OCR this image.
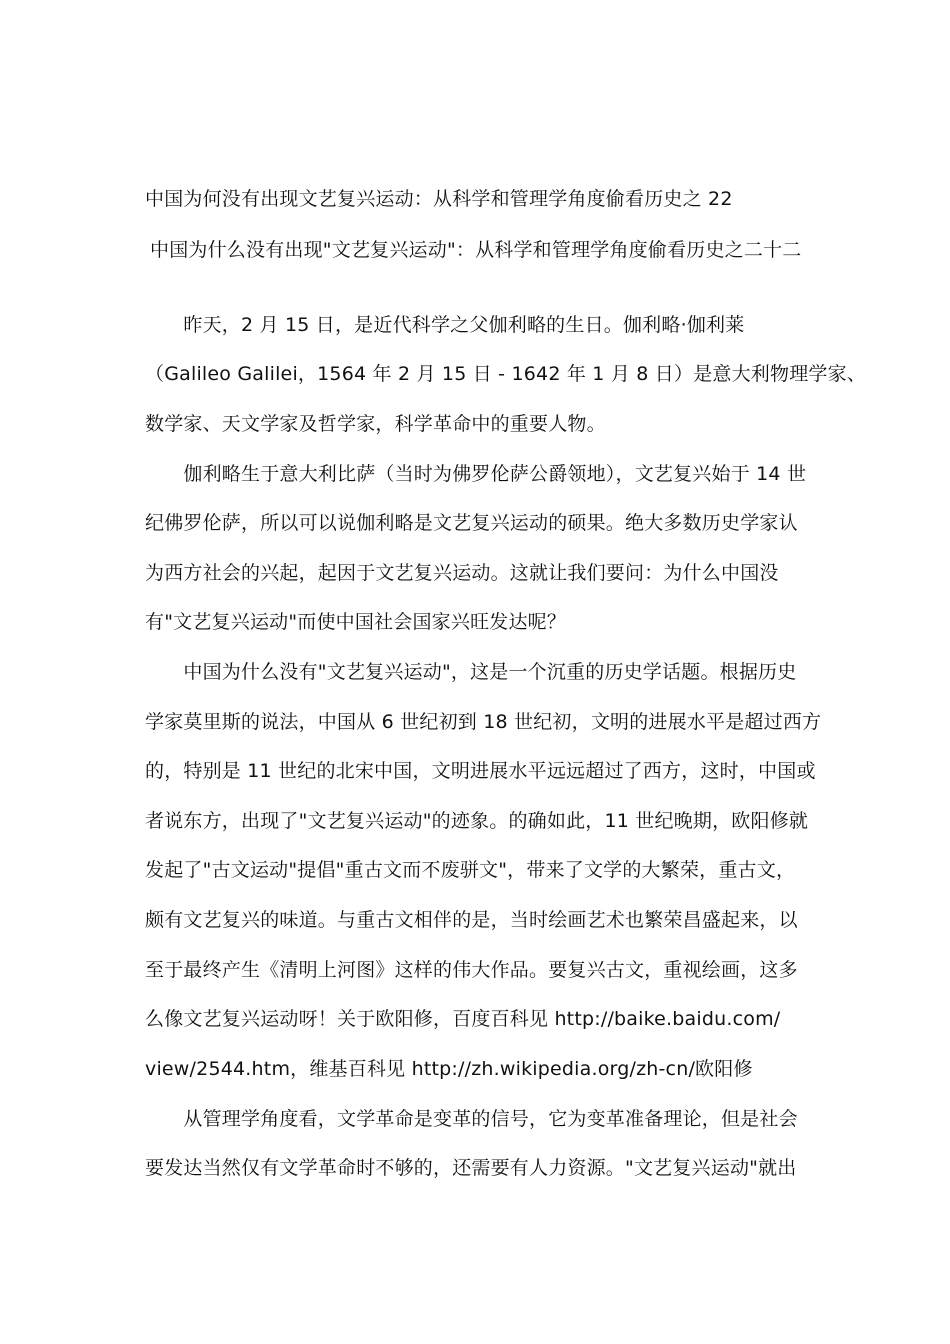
中国为何没有出现文艺复兴运动：从科学和管理学角度偷看历史之 22
中国为什么没有出现"文艺复兴运动"：从科学和管理学角度偷看历史之二十二
　　昨天，2 月 15 日，是近代科学之父伽利略的生日。伽利略·伽利莱
（Galileo Galilei，1564 年 2 月 15 日 - 1642 年 1 月 8 日）是意大利物理学家、
数学家、天文学家及哲学家，科学革命中的重要人物。
　　伽利略生于意大利比萨（当时为佛罗伦萨公爵领地），文艺复兴始于 14 世
纪佛罗伦萨，所以可以说伽利略是文艺复兴运动的硕果。绝大多数历史学家认
为西方社会的兴起，起因于文艺复兴运动。这就让我们要问：为什么中国没
有"文艺复兴运动"而使中国社会国家兴旺发达呢？
　　中国为什么没有"文艺复兴运动"，这是一个沉重的历史学话题。根据历史
学家莫里斯的说法，中国从 6 世纪初到 18 世纪初，文明的进展水平是超过西方
的，特别是 11 世纪的北宋中国，文明进展水平远远超过了西方，这时，中国或
者说东方，出现了"文艺复兴运动"的迹象。的确如此，11 世纪晚期，欧阳修就
发起了"古文运动"提倡"重古文而不废骈文"，带来了文学的大繁荣，重古文，
颇有文艺复兴的味道。与重古文相伴的是，当时绘画艺术也繁荣昌盛起来，以
至于最终产生《清明上河图》这样的伟大作品。要复兴古文，重视绘画，这多
么像文艺复兴运动呀！关于欧阳修，百度百科见 http://baike.baidu.com/
view/2544.htm，维基百科见 http://zh.wikipedia.org/zh-cn/欧阳修
　　从管理学角度看，文学革命是变革的信号，它为变革准备理论，但是社会
要发达当然仅有文学革命时不够的，还需要有人力资源。"文艺复兴运动"就出
